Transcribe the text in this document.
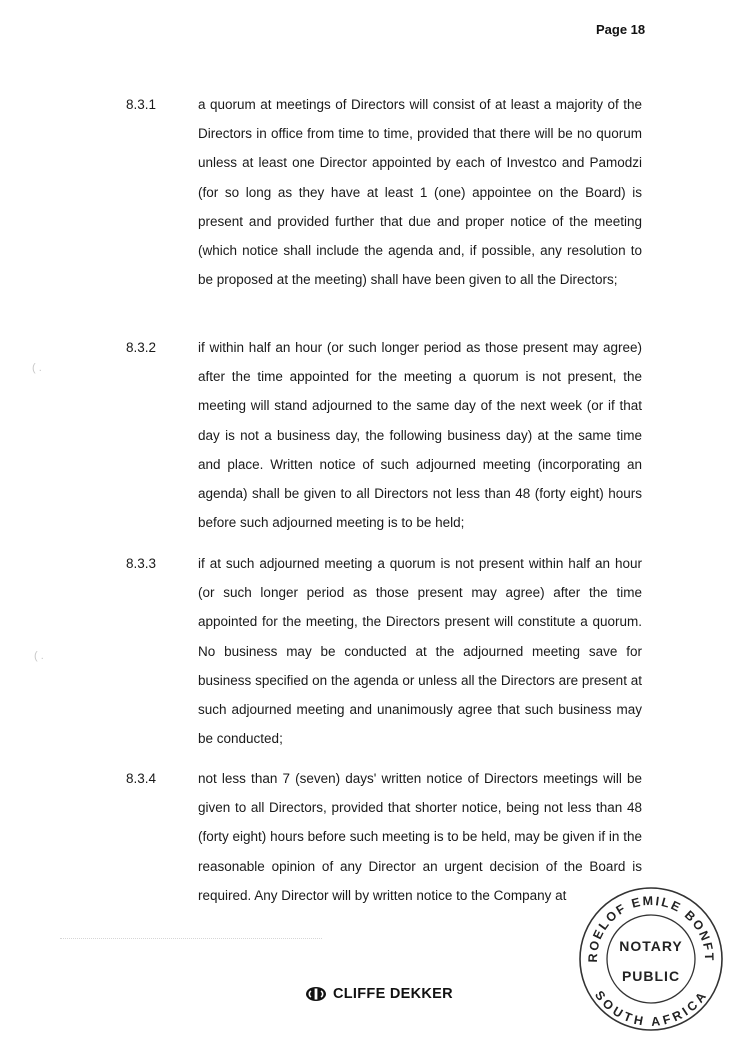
Page 18
8.3.1	a quorum at meetings of Directors will consist of at least a majority of the Directors in office from time to time, provided that there will be no quorum unless at least one Director appointed by each of Investco and Pamodzi (for so long as they have at least 1 (one) appointee on the Board) is present and provided further that due and proper notice of the meeting (which notice shall include the agenda and, if possible, any resolution to be proposed at the meeting) shall have been given to all the Directors;
8.3.2	if within half an hour (or such longer period as those present may agree) after the time appointed for the meeting a quorum is not present, the meeting will stand adjourned to the same day of the next week (or if that day is not a business day, the following business day) at the same time and place. Written notice of such adjourned meeting (incorporating an agenda) shall be given to all Directors not less than 48 (forty eight) hours before such adjourned meeting is to be held;
8.3.3	if at such adjourned meeting a quorum is not present within half an hour (or such longer period as those present may agree) after the time appointed for the meeting, the Directors present will constitute a quorum. No business may be conducted at the adjourned meeting save for business specified on the agenda or unless all the Directors are present at such adjourned meeting and unanimously agree that such business may be conducted;
8.3.4	not less than 7 (seven) days' written notice of Directors meetings will be given to all Directors, provided that shorter notice, being not less than 48 (forty eight) hours before such meeting is to be held, may be given if in the reasonable opinion of any Director an urgent decision of the Board is required. Any Director will by written notice to the Company at
( .
( .
ROELOF EMILE BONFT
SOUTH AFRICA
NOTARY
PUBLIC
CLIFFE DEKKER
